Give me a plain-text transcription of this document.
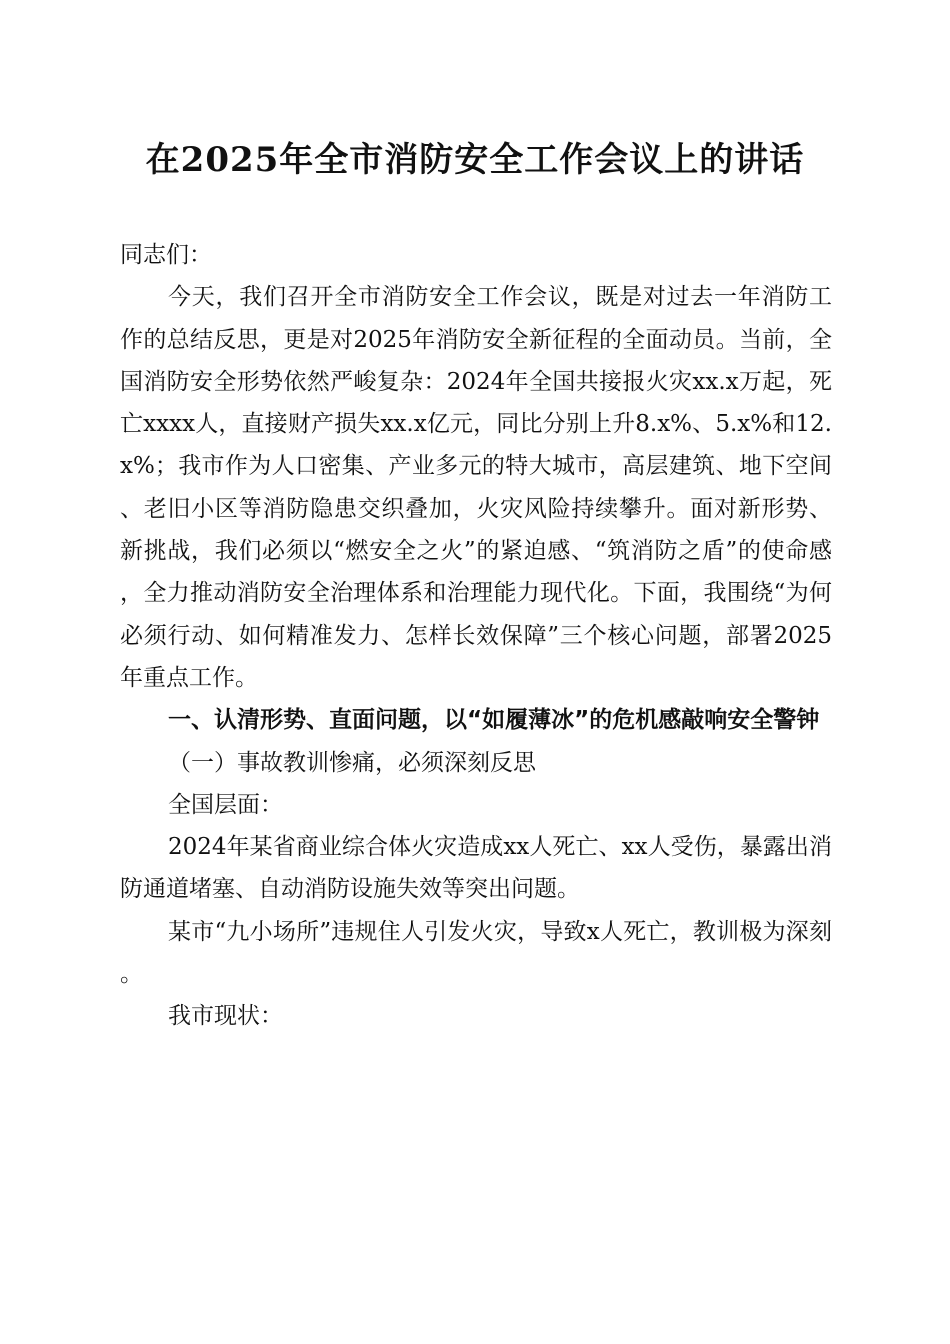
在2025年全市消防安全工作会议上的讲话

同志们：

今天，我们召开全市消防安全工作会议，既是对过去一年消防工作的总结反思，更是对2025年消防安全新征程的全面动员。当前，全国消防安全形势依然严峻复杂：2024年全国共接报火灾xx.x万起，死亡xxxx人，直接财产损失xx.x亿元，同比分别上升8.x%、5.x%和12.x%；我市作为人口密集、产业多元的特大城市，高层建筑、地下空间、老旧小区等消防隐患交织叠加，火灾风险持续攀升。面对新形势、新挑战，我们必须以“燃安全之火”的紧迫感、“筑消防之盾”的使命感，全力推动消防安全治理体系和治理能力现代化。下面，我围绕“为何必须行动、如何精准发力、怎样长效保障”三个核心问题，部署2025年重点工作。

一、认清形势、直面问题，以“如履薄冰”的危机感敲响安全警钟

（一）事故教训惨痛，必须深刻反思

全国层面：

2024年某省商业综合体火灾造成xx人死亡、xx人受伤，暴露出消防通道堵塞、自动消防设施失效等突出问题。

某市“九小场所”违规住人引发火灾，导致x人死亡，教训极为深刻。

我市现状：
